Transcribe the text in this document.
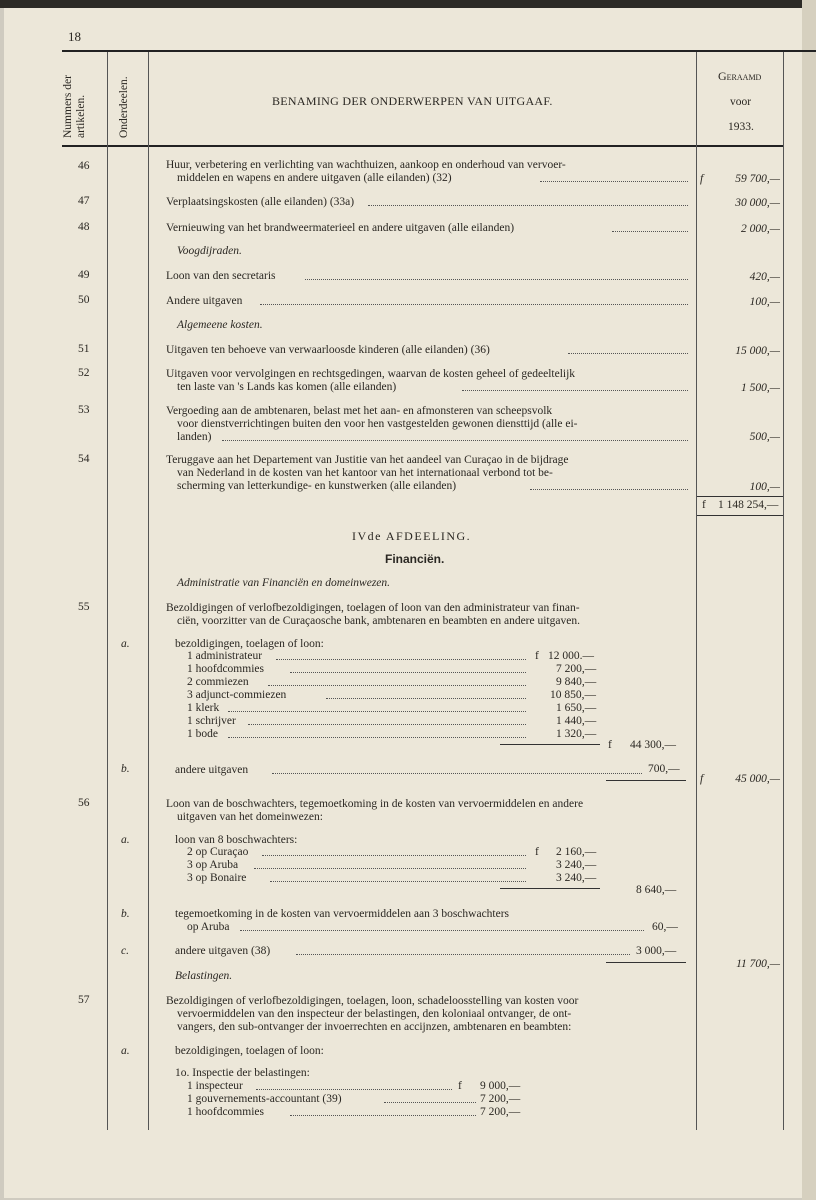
18
Nummers der artikelen.	Onderdeelen.	BENAMING DER ONDERWERPEN VAN UITGAAF.
Geraamd
voor
1933.
46	Huur, verbetering en verlichting van wachthuizen, aankoop en onderhoud van vervoer-
middelen en wapens en andere uitgaven (alle eilanden) (32)	f	59 700,—
47	Verplaatsingskosten (alle eilanden) (33a)	30 000,—
48	Vernieuwing van het brandweermaterieel en andere uitgaven (alle eilanden)	2 000,—
Voogdijraden.
49	Loon van den secretaris	420,—
50	Andere uitgaven	100,—
Algemeene kosten.
51	Uitgaven ten behoeve van verwaarloosde kinderen (alle eilanden) (36)	15 000,—
52	Uitgaven voor vervolgingen en rechtsgedingen, waarvan de kosten geheel of gedeeltelijk
ten laste van 's Lands kas komen (alle eilanden)	1 500,—
53	Vergoeding aan de ambtenaren, belast met het aan- en afmonsteren van scheepsvolk
voor dienstverrichtingen buiten den voor hen vastgestelden gewonen diensttijd (alle ei-
landen)	500,—
54	Teruggave aan het Departement van Justitie van het aandeel van Curaçao in de bijdrage
van Nederland in de kosten van het kantoor van het internationaal verbond tot be-
scherming van letterkundige- en kunstwerken (alle eilanden)	100,—
f 1 148 254,—
IVde AFDEELING.
Financiën.
Administratie van Financiën en domeinwezen.
55	Bezoldigingen of verlofbezoldigingen, toelagen of loon van den administrateur van finan-
ciën, voorzitter van de Curaçaosche bank, ambtenaren en beambten en andere uitgaven.
a.	bezoldigingen, toelagen of loon:
1 administrateur	f 12 000.—
1 hoofdcommies	7 200,—
2 commiezen	9 840,—
3 adjunct-commiezen	10 850,—
1 klerk	1 650,—
1 schrijver	1 440,—
1 bode	1 320,—
f 44 300,—
b.	andere uitgaven	700,—
f	45 000,—
56	Loon van de boschwachters, tegemoetkoming in de kosten van vervoermiddelen en andere
uitgaven van het domeinwezen:
a.	loon van 8 boschwachters:
2 op Curaçao	f 2 160,—
3 op Aruba	3 240,—
3 op Bonaire	3 240,—
8 640,—
b.	tegemoetkoming in de kosten van vervoermiddelen aan 3 boschwachters
op Aruba	60,—
c.	andere uitgaven (38)	3 000,—
11 700,—
Belastingen.
57	Bezoldigingen of verlofbezoldigingen, toelagen, loon, schadeloosstelling van kosten voor
vervoermiddelen van den inspecteur der belastingen, den koloniaal ontvanger, de ont-
vangers, den sub-ontvanger der invoerrechten en accijnzen, ambtenaren en beambten:
a.	bezoldigingen, toelagen of loon:
1o. Inspectie der belastingen:
1 inspecteur	f 9 000,—
1 gouvernements-accountant (39)	7 200,—
1 hoofdcommies	7 200,—
